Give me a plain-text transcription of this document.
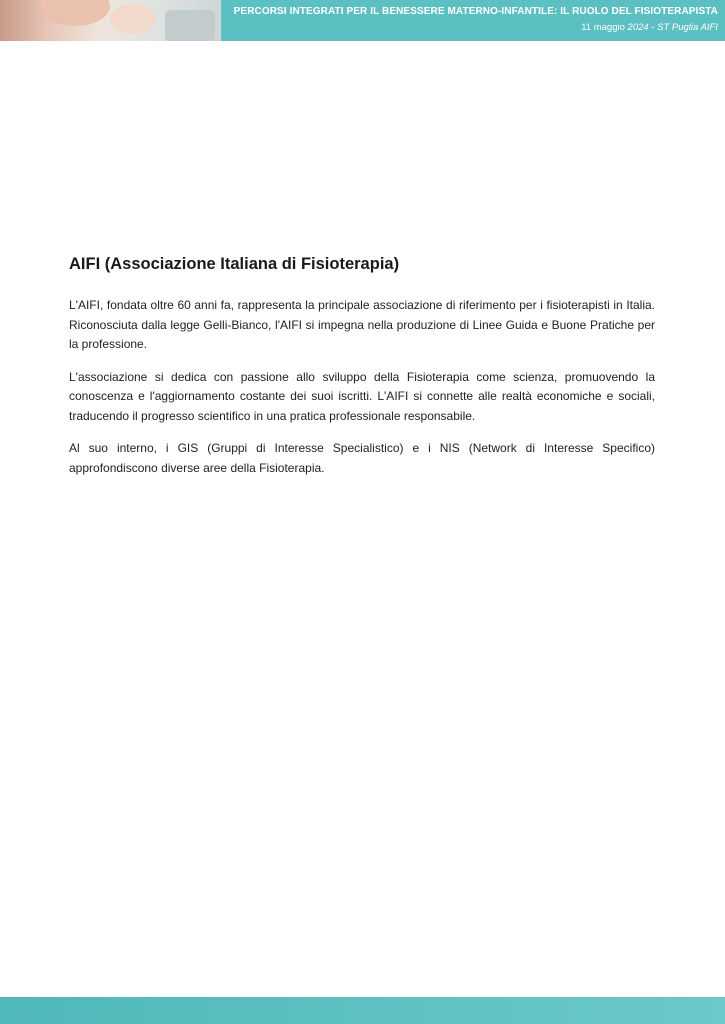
PERCORSI INTEGRATI PER IL BENESSERE MATERNO-INFANTILE: IL RUOLO DEL FISIOTERAPISTA
11 maggio 2024 - ST Puglia AIFI
AIFI (Associazione Italiana di Fisioterapia)

L'AIFI, fondata oltre 60 anni fa, rappresenta la principale associazione di riferimento per i fisioterapisti in Italia. Riconosciuta dalla legge Gelli-Bianco, l'AIFI si impegna nella produzione di Linee Guida e Buone Pratiche per la professione.

L'associazione si dedica con passione allo sviluppo della Fisioterapia come scienza, promuovendo la conoscenza e l'aggiornamento costante dei suoi iscritti. L'AIFI si connette alle realtà economiche e sociali, traducendo il progresso scientifico in una pratica professionale responsabile.

Al suo interno, i GIS (Gruppi di Interesse Specialistico) e i NIS (Network di Interesse Specifico) approfondiscono diverse aree della Fisioterapia.
